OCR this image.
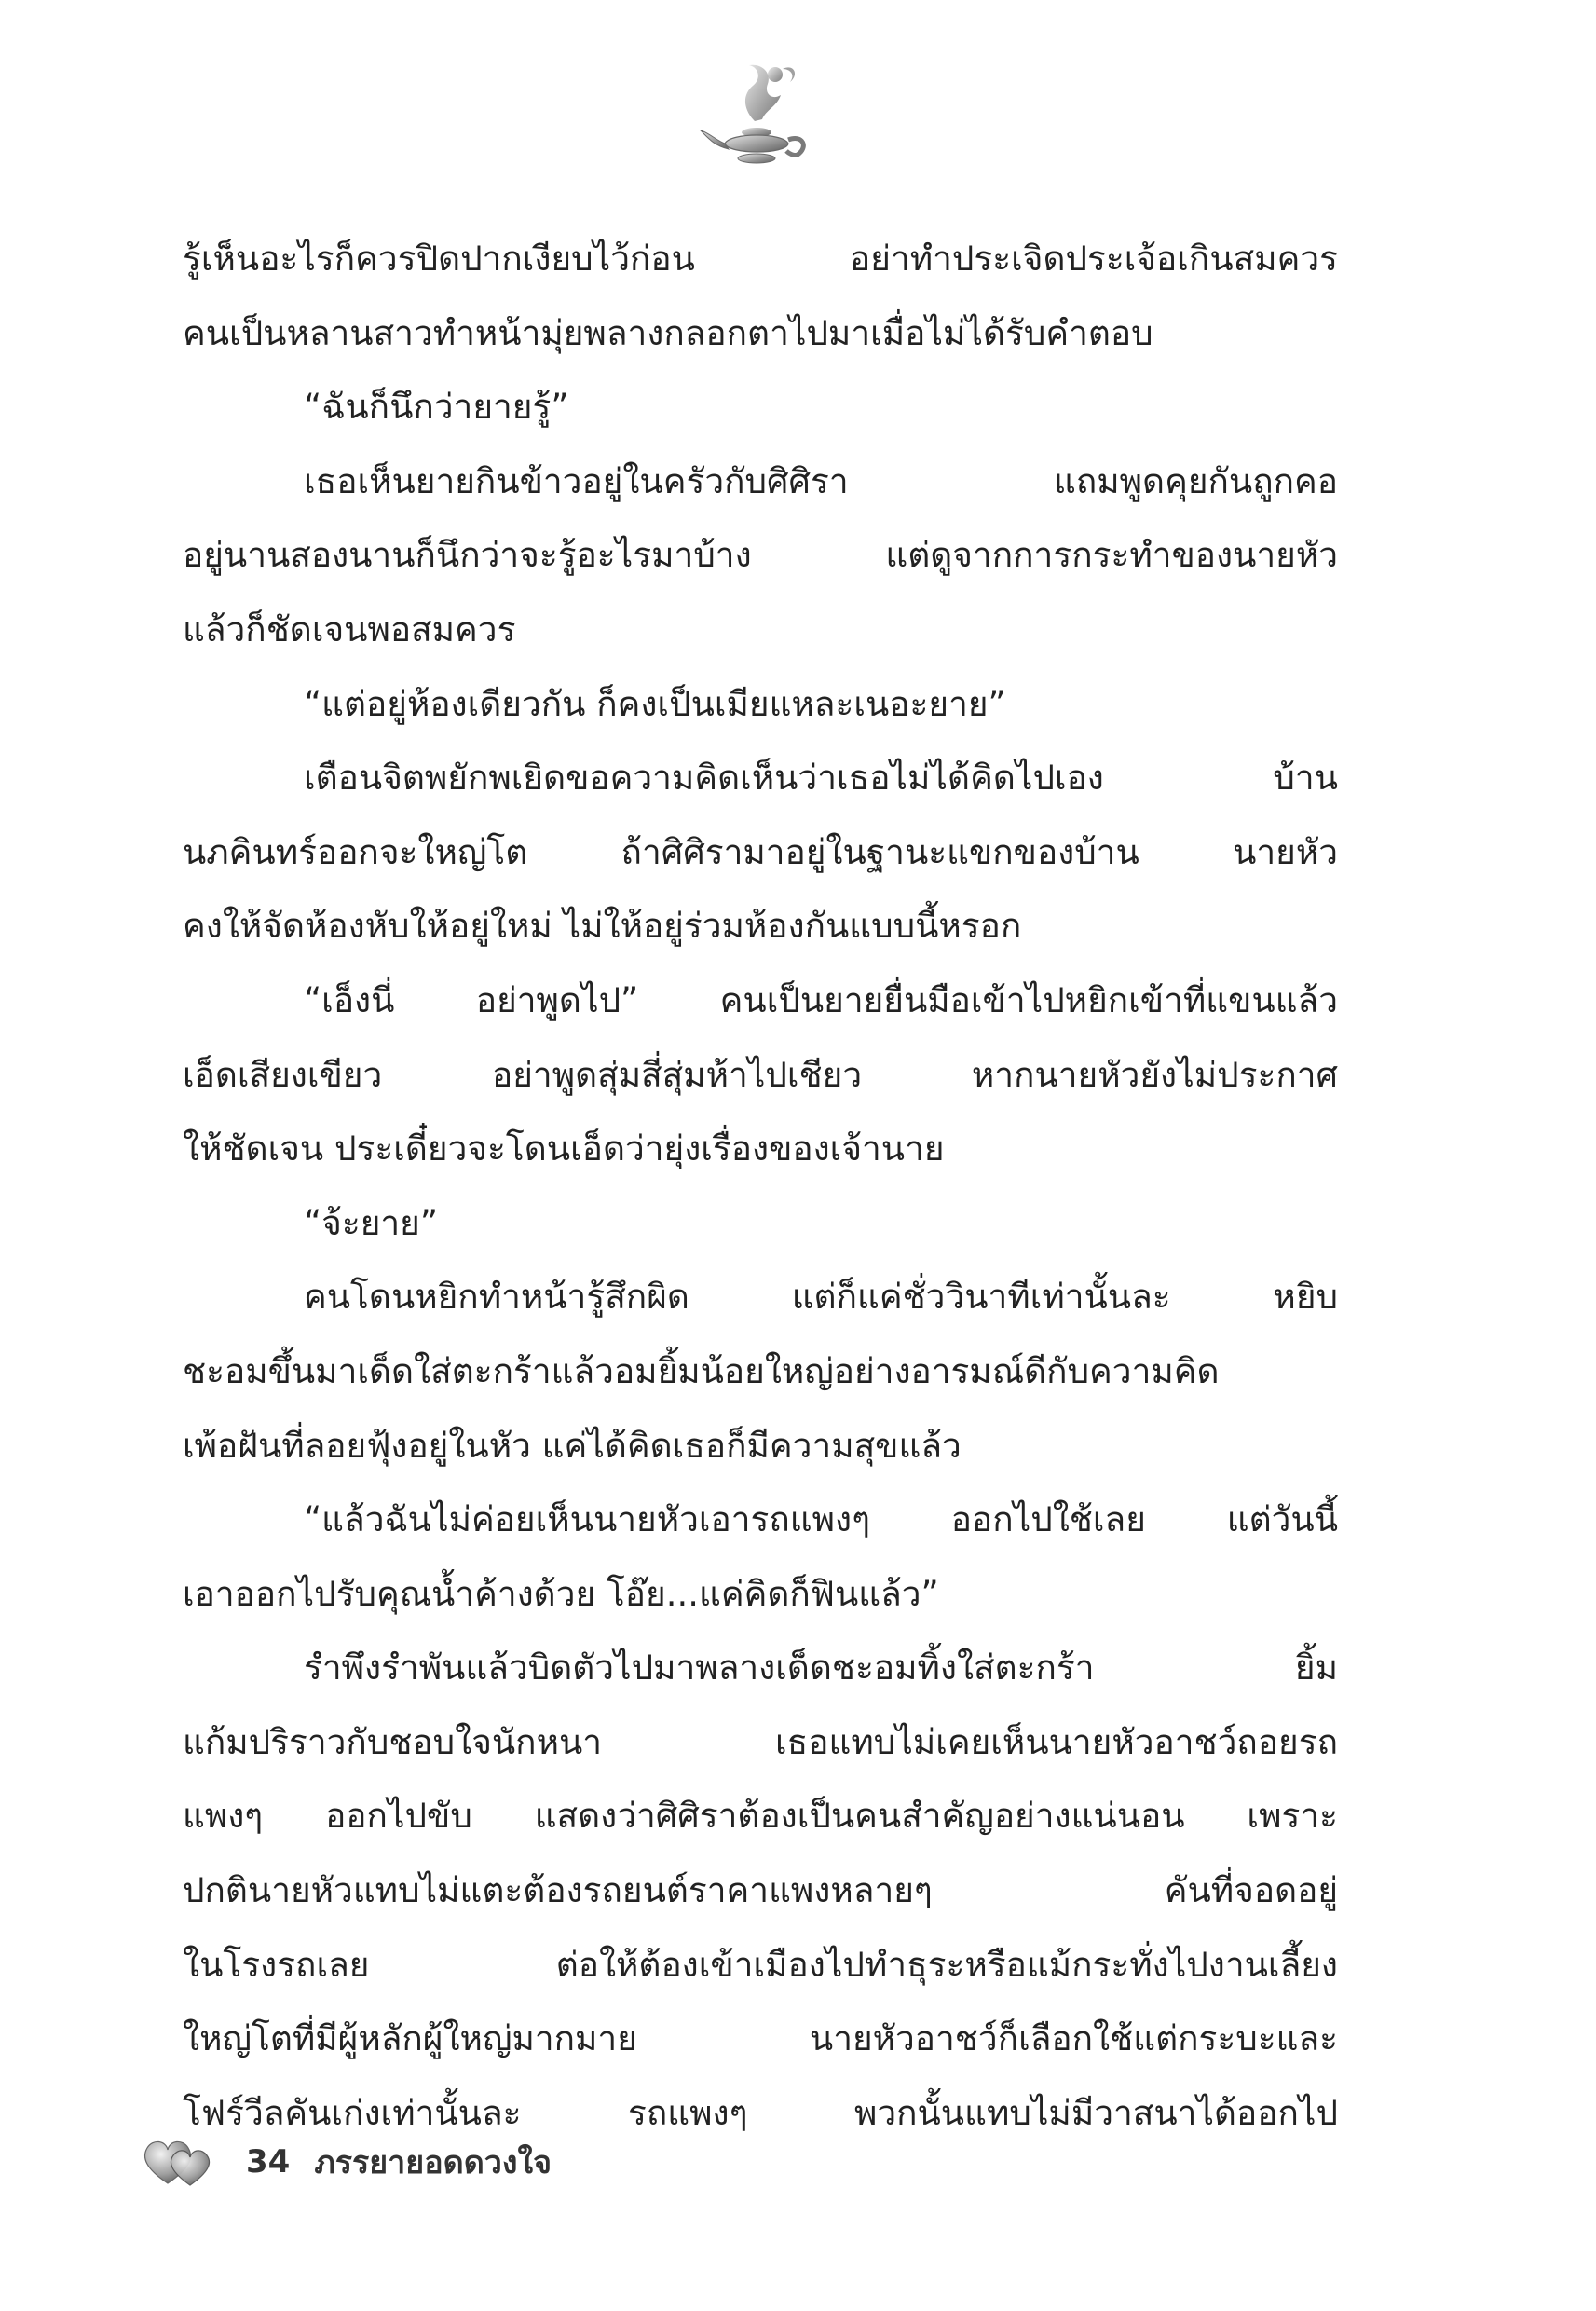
รู้เห็นอะไรก็ควรปิดปากเงียบไว้ก่อน อย่าทำประเจิดประเจ้อเกินสมควร
คนเป็นหลานสาวทำหน้ามุ่ยพลางกลอกตาไปมาเมื่อไม่ได้รับคำตอบ
“ฉันก็นึกว่ายายรู้”
เธอเห็นยายกินข้าวอยู่ในครัวกับศิศิรา แถมพูดคุยกันถูกคอ
อยู่นานสองนานก็นึกว่าจะรู้อะไรมาบ้าง แต่ดูจากการกระทำของนายหัว
แล้วก็ชัดเจนพอสมควร
“แต่อยู่ห้องเดียวกัน ก็คงเป็นเมียแหละเนอะยาย”
เตือนจิตพยักพเยิดขอความคิดเห็นว่าเธอไม่ได้คิดไปเอง บ้าน
นภคินทร์ออกจะใหญ่โต ถ้าศิศิรามาอยู่ในฐานะแขกของบ้าน นายหัว
คงให้จัดห้องหับให้อยู่ใหม่ ไม่ให้อยู่ร่วมห้องกันแบบนี้หรอก
“เอ็งนี่ อย่าพูดไป” คนเป็นยายยื่นมือเข้าไปหยิกเข้าที่แขนแล้ว
เอ็ดเสียงเขียว อย่าพูดสุ่มสี่สุ่มห้าไปเชียว หากนายหัวยังไม่ประกาศ
ให้ชัดเจน ประเดี๋ยวจะโดนเอ็ดว่ายุ่งเรื่องของเจ้านาย
“จ้ะยาย”
คนโดนหยิกทำหน้ารู้สึกผิด แต่ก็แค่ชั่ววินาทีเท่านั้นละ หยิบ
ชะอมขึ้นมาเด็ดใส่ตะกร้าแล้วอมยิ้มน้อยใหญ่อย่างอารมณ์ดีกับความคิด
เพ้อฝันที่ลอยฟุ้งอยู่ในหัว แค่ได้คิดเธอก็มีความสุขแล้ว
“แล้วฉันไม่ค่อยเห็นนายหัวเอารถแพงๆ ออกไปใช้เลย แต่วันนี้
เอาออกไปรับคุณน้ำค้างด้วย โอ๊ย...แค่คิดก็ฟินแล้ว”
รำพึงรำพันแล้วบิดตัวไปมาพลางเด็ดชะอมทิ้งใส่ตะกร้า ยิ้ม
แก้มปริราวกับชอบใจนักหนา เธอแทบไม่เคยเห็นนายหัวอาชว์ถอยรถ
แพงๆ ออกไปขับ แสดงว่าศิศิราต้องเป็นคนสำคัญอย่างแน่นอน เพราะ
ปกตินายหัวแทบไม่แตะต้องรถยนต์ราคาแพงหลายๆ คันที่จอดอยู่
ในโรงรถเลย ต่อให้ต้องเข้าเมืองไปทำธุระหรือแม้กระทั่งไปงานเลี้ยง
ใหญ่โตที่มีผู้หลักผู้ใหญ่มากมาย นายหัวอาชว์ก็เลือกใช้แต่กระบะและ
โฟร์วีลคันเก่งเท่านั้นละ รถแพงๆ พวกนั้นแทบไม่มีวาสนาได้ออกไป
34 ภรรยายอดดวงใจ
